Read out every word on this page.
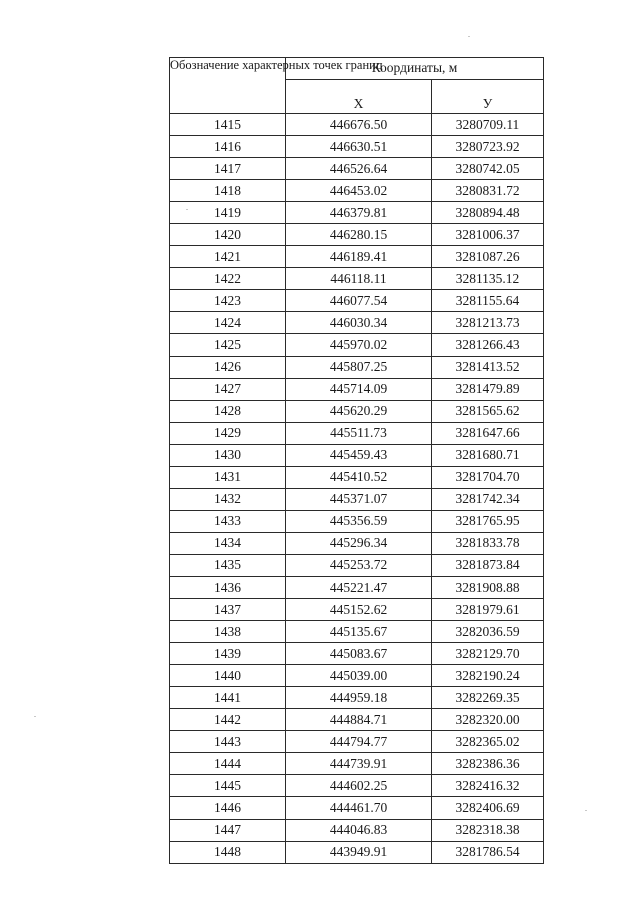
Обозначение характерных точек границ	Координаты, м	
	X	У
1415	446676.50	3280709.11
1416	446630.51	3280723.92
1417	446526.64	3280742.05
1418	446453.02	3280831.72
1419	446379.81	3280894.48
1420	446280.15	3281006.37
1421	446189.41	3281087.26
1422	446118.11	3281135.12
1423	446077.54	3281155.64
1424	446030.34	3281213.73
1425	445970.02	3281266.43
1426	445807.25	3281413.52
1427	445714.09	3281479.89
1428	445620.29	3281565.62
1429	445511.73	3281647.66
1430	445459.43	3281680.71
1431	445410.52	3281704.70
1432	445371.07	3281742.34
1433	445356.59	3281765.95
1434	445296.34	3281833.78
1435	445253.72	3281873.84
1436	445221.47	3281908.88
1437	445152.62	3281979.61
1438	445135.67	3282036.59
1439	445083.67	3282129.70
1440	445039.00	3282190.24
1441	444959.18	3282269.35
1442	444884.71	3282320.00
1443	444794.77	3282365.02
1444	444739.91	3282386.36
1445	444602.25	3282416.32
1446	444461.70	3282406.69
1447	444046.83	3282318.38
1448	443949.91	3281786.54
